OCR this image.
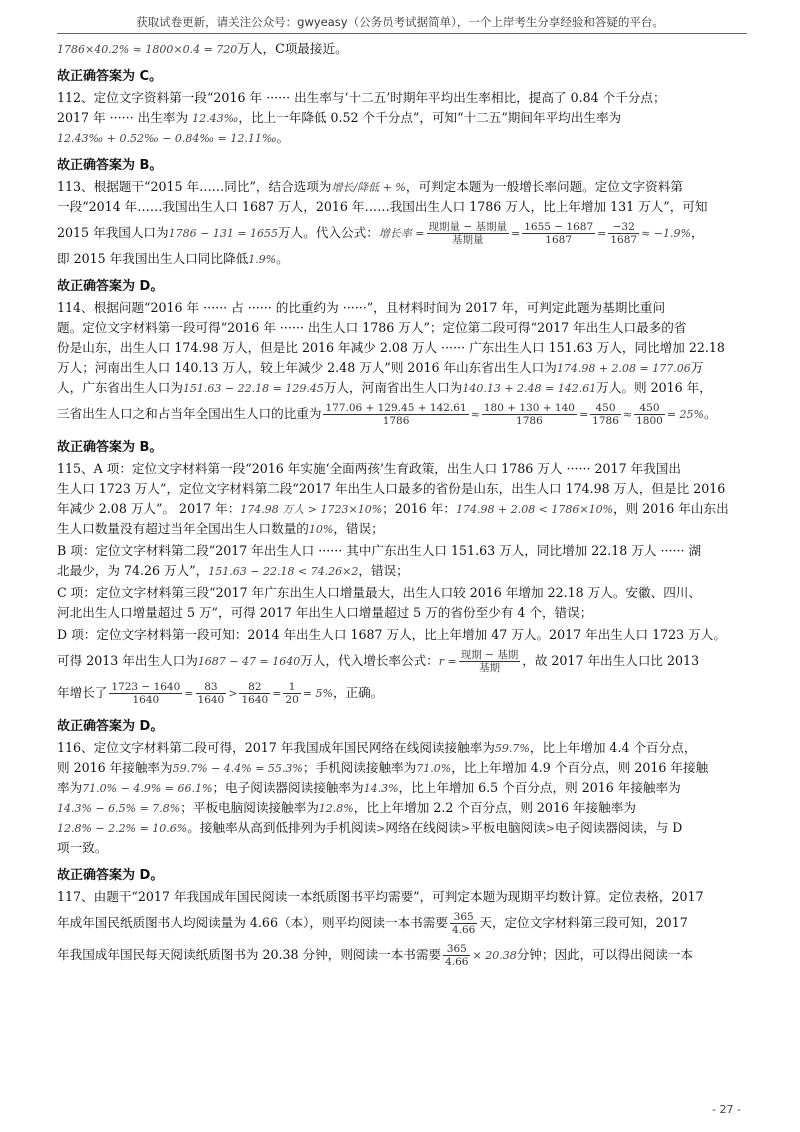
获取试卷更新，请关注公众号：gwyeasy（公务员考试据简单），一个上岸考生分享经验和答疑的平台。
1786×40.2% ≈ 1800×0.4 = 720万人，C项最接近。
故正确答案为 C。
112、定位文字资料第一段“2016 年 ······ 出生率与‘十二五’时期年平均出生率相比，提高了 0.84 个千分点；
2017 年 ······ 出生率为 12.43‰，比上一年降低 0.52 个千分点”，可知“十二五”期间年平均出生率为
12.43‰ + 0.52‰ − 0.84‰ = 12.11‰。
故正确答案为 B。
113、根据题干“2015 年……同比”，结合选项为增长/降低 + %，可判定本题为一般增长率问题。定位文字资料第
一段“2014 年……我国出生人口 1687 万人，2016 年……我国出生人口 1786 万人，比上年增加 131 万人”，可知
2015 年我国人口为1786 − 131 = 1655万人。代入公式：增长率 = $\frac{\text{现期量 − 基期量}}{\text{基期量}} = \frac{1655 - 1687}{1687} = \frac{-32}{1687} \approx -1.9\%$，
即 2015 年我国出生人口同比降低1.9%。
故正确答案为 D。
114、根据问题“2016 年 ······ 占 ······ 的比重约为 ······”，且材料时间为 2017 年，可判定此题为基期比重问
题。定位文字材料第一段可得“2016 年 ······ 出生人口 1786 万人”；定位第二段可得“2017 年出生人口最多的省
份是山东，出生人口 174.98 万人，但是比 2016 年减少 2.08 万人 ······ 广东出生人口 151.63 万人，同比增加 22.18
万人；河南出生人口 140.13 万人，较上年减少 2.48 万人”则 2016 年山东省出生人口为174.98 + 2.08 = 177.06万
人，广东省出生人口为151.63 − 22.18 = 129.45万人，河南省出生人口为140.13 + 2.48 = 142.61万人。则 2016 年，
三省出生人口之和占当年全国出生人口的比重为 $\frac{177.06 + 129.45 + 142.61}{1786} \approx \frac{180 + 130 + 140}{1786} = \frac{450}{1786} \approx \frac{450}{1800} = 25\%$。
故正确答案为 B。
115、A 项：定位文字材料第一段“2016 年实施‘全面两孩’生育政策，出生人口 1786 万人 ······ 2017 年我国出
生人口 1723 万人”，定位文字材料第二段“2017 年出生人口最多的省份是山东，出生人口 174.98 万人，但是比 2016
年减少 2.08 万人”。 2017 年：174.98 万人 > 1723×10%；2016 年：174.98 + 2.08 < 1786×10%，则 2016 年山东出
生人口数量没有超过当年全国出生人口数量的10%，错误；
B 项：定位文字材料第二段“2017 年出生人口 ······ 其中广东出生人口 151.63 万人，同比增加 22.18 万人 ······ 湖
北最少，为 74.26 万人”，151.63 − 22.18 < 74.26×2，错误；
C 项：定位文字材料第三段“2017 年广东出生人口增量最大，出生人口较 2016 年增加 22.18 万人。安徽、四川、
河北出生人口增量超过 5 万”，可得 2017 年出生人口增量超过 5 万的省份至少有 4 个，错误；
D 项：定位文字材料第一段可知：2014 年出生人口 1687 万人，比上年增加 47 万人。2017 年出生人口 1723 万人。
可得 2013 年出生人口为1687 − 47 = 1640万人，代入增长率公式：$r = \frac{\text{现期 − 基期}}{\text{基期}}$ ，故 2017 年出生人口比 2013
年增长了 $\frac{1723 - 1640}{1640} = \frac{83}{1640} > \frac{82}{1640} = \frac{1}{20} = 5\%$，正确。
故正确答案为 D。
116、定位文字材料第二段可得，2017 年我国成年国民网络在线阅读接触率为59.7%，比上年增加 4.4 个百分点，
则 2016 年接触率为59.7% − 4.4% = 55.3%；手机阅读接触率为71.0%，比上年增加 4.9 个百分点，则 2016 年接触
率为71.0% − 4.9% = 66.1%；电子阅读器阅读接触率为14.3%，比上年增加 6.5 个百分点，则 2016 年接触率为
14.3% − 6.5% = 7.8%；平板电脑阅读接触率为12.8%，比上年增加 2.2 个百分点，则 2016 年接触率为
12.8% − 2.2% = 10.6%。接触率从高到低排列为手机阅读>网络在线阅读>平板电脑阅读>电子阅读器阅读，与 D
项一致。
故正确答案为 D。
117、由题干“2017 年我国成年国民阅读一本纸质图书平均需要”，可判定本题为现期平均数计算。定位表格，2017
年成年国民纸质图书人均阅读量为 4.66（本），则平均阅读一本书需要 $\frac{365}{4.66}$ 天，定位文字材料第三段可知，2017
年我国成年国民每天阅读纸质图书为 20.38 分钟，则阅读一本书需要 $\frac{365}{4.66} \times 20.38$分钟；因此，可以得出阅读一本
- 27 -
